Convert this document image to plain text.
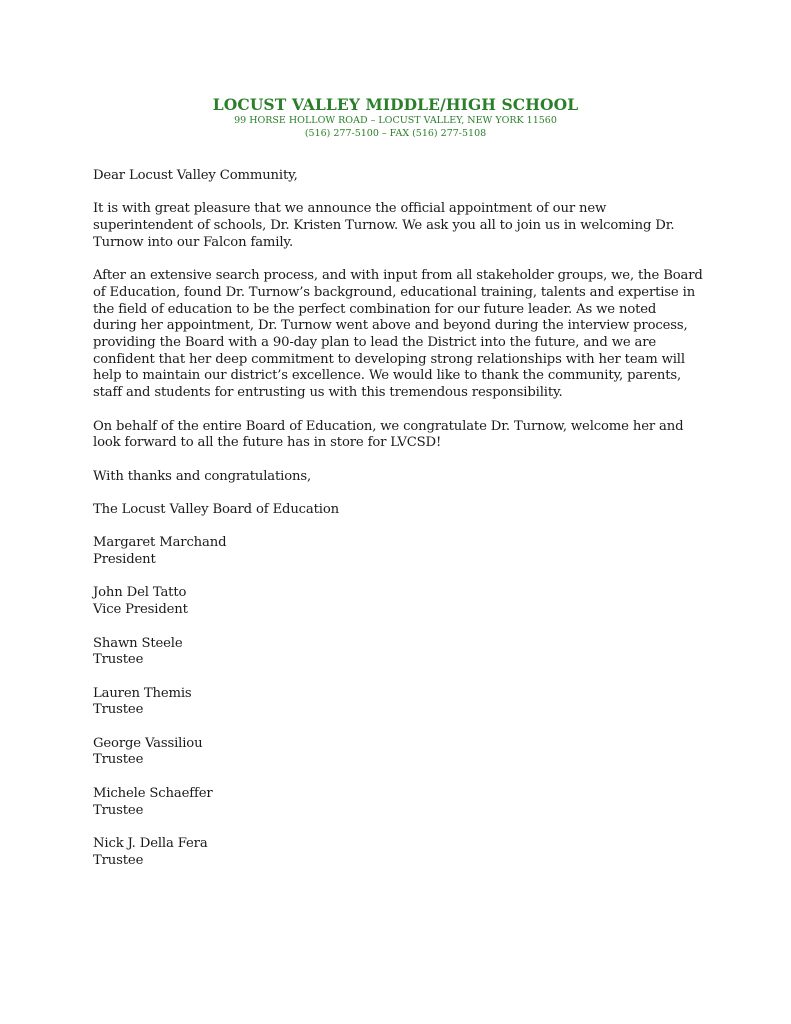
LOCUST VALLEY MIDDLE/HIGH SCHOOL
99 HORSE HOLLOW ROAD – LOCUST VALLEY, NEW YORK 11560
(516) 277-5100 – FAX (516) 277-5108

Dear Locust Valley Community,

It is with great pleasure that we announce the official appointment of our new superintendent of schools, Dr. Kristen Turnow. We ask you all to join us in welcoming Dr. Turnow into our Falcon family.

After an extensive search process, and with input from all stakeholder groups, we, the Board of Education, found Dr. Turnow’s background, educational training, talents and expertise in the field of education to be the perfect combination for our future leader. As we noted during her appointment, Dr. Turnow went above and beyond during the interview process, providing the Board with a 90-day plan to lead the District into the future, and we are confident that her deep commitment to developing strong relationships with her team will help to maintain our district’s excellence. We would like to thank the community, parents, staff and students for entrusting us with this tremendous responsibility.

On behalf of the entire Board of Education, we congratulate Dr. Turnow, welcome her and look forward to all the future has in store for LVCSD!

With thanks and congratulations,

The Locust Valley Board of Education

Margaret Marchand
President
John Del Tatto
Vice President
Shawn Steele
Trustee
Lauren Themis
Trustee
George Vassiliou
Trustee
Michele Schaeffer
Trustee
Nick J. Della Fera
Trustee
